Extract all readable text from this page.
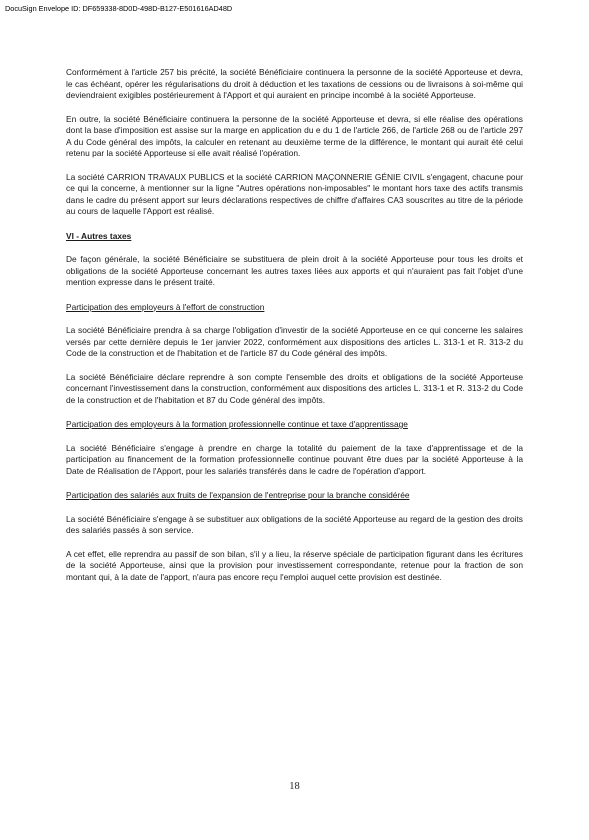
DocuSign Envelope ID: DF659338-8D0D-498D-B127-E501616AD48D

Conformément à l'article 257 bis précité, la société Bénéficiaire continuera la personne de la société Apporteuse et devra, le cas échéant, opérer les régularisations du droit à déduction et les taxations de cessions ou de livraisons à soi-même qui deviendraient exigibles postérieurement à l'Apport et qui auraient en principe incombé à la société Apporteuse.

En outre, la société Bénéficiaire continuera la personne de la société Apporteuse et devra, si elle réalise des opérations dont la base d'imposition est assise sur la marge en application du e du 1 de l'article 266, de l'article 268 ou de l'article 297 A du Code général des impôts, la calculer en retenant au deuxième terme de la différence, le montant qui aurait été celui retenu par la société Apporteuse si elle avait réalisé l'opération.

La société CARRION TRAVAUX PUBLICS et la société CARRION MAÇONNERIE GÉNIE CIVIL s'engagent, chacune pour ce qui la concerne, à mentionner sur la ligne "Autres opérations non-imposables" le montant hors taxe des actifs transmis dans le cadre du présent apport sur leurs déclarations respectives de chiffre d'affaires CA3 souscrites au titre de la période au cours de laquelle l'Apport est réalisé.

VI - Autres taxes

De façon générale, la société Bénéficiaire se substituera de plein droit à la société Apporteuse pour tous les droits et obligations de la société Apporteuse concernant les autres taxes liées aux apports et qui n'auraient pas fait l'objet d'une mention expresse dans le présent traité.

Participation des employeurs à l'effort de construction

La société Bénéficiaire prendra à sa charge l'obligation d'investir de la société Apporteuse en ce qui concerne les salaires versés par cette dernière depuis le 1er janvier 2022, conformément aux dispositions des articles L. 313-1 et R. 313-2 du Code de la construction et de l'habitation et de l'article 87 du Code général des impôts.

La société Bénéficiaire déclare reprendre à son compte l'ensemble des droits et obligations de la société Apporteuse concernant l'investissement dans la construction, conformément aux dispositions des articles L. 313-1 et R. 313-2 du Code de la construction et de l'habitation et 87 du Code général des impôts.

Participation des employeurs à la formation professionnelle continue et taxe d'apprentissage

La société Bénéficiaire s'engage à prendre en charge la totalité du paiement de la taxe d'apprentissage et de la participation au financement de la formation professionnelle continue pouvant être dues par la société Apporteuse à la Date de Réalisation de l'Apport, pour les salariés transférés dans le cadre de l'opération d'apport.

Participation des salariés aux fruits de l'expansion de l'entreprise pour la branche considérée

La société Bénéficiaire s'engage à se substituer aux obligations de la société Apporteuse au regard de la gestion des droits des salariés passés à son service.

A cet effet, elle reprendra au passif de son bilan, s'il y a lieu, la réserve spéciale de participation figurant dans les écritures de la société Apporteuse, ainsi que la provision pour investissement correspondante, retenue pour la fraction de son montant qui, à la date de l'apport, n'aura pas encore reçu l'emploi auquel cette provision est destinée.

18
